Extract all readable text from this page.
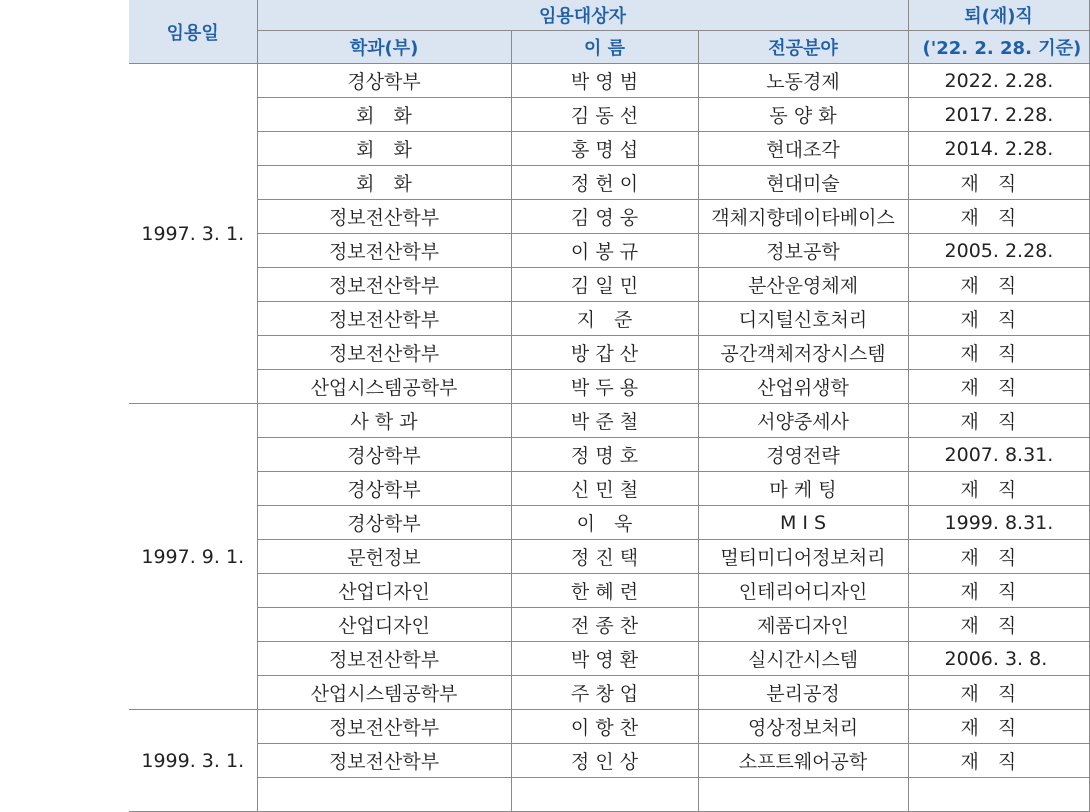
임용일	임용대상자			퇴(재)직
	학과(부)	이 름	전공분야	('22. 2. 28. 기준)
1997. 3. 1.	경상학부	박 영 범	노동경제	2022. 2.28.
	회　화	김 동 선	동 양 화	2017. 2.28.
	회　화	홍 명 섭	현대조각	2014. 2.28.
	회　화	정 헌 이	현대미술	재　직
	정보전산학부	김 영 웅	객체지향데이타베이스	재　직
	정보전산학부	이 봉 규	정보공학	2005. 2.28.
	정보전산학부	김 일 민	분산운영체제	재　직
	정보전산학부	지　준	디지털신호처리	재　직
	정보전산학부	방 갑 산	공간객체저장시스템	재　직
	산업시스템공학부	박 두 용	산업위생학	재　직
1997. 9. 1.	사 학 과	박 준 철	서양중세사	재　직
	경상학부	정 명 호	경영전략	2007. 8.31.
	경상학부	신 민 철	마 케 팅	재　직
	경상학부	이　욱	M I S	1999. 8.31.
	문헌정보	정 진 택	멀티미디어정보처리	재　직
	산업디자인	한 혜 련	인테리어디자인	재　직
	산업디자인	전 종 찬	제품디자인	재　직
	정보전산학부	박 영 환	실시간시스템	2006. 3. 8.
	산업시스템공학부	주 창 업	분리공정	재　직
1999. 3. 1.	정보전산학부	이 항 찬	영상정보처리	재　직
	정보전산학부	정 인 상	소프트웨어공학	재　직
